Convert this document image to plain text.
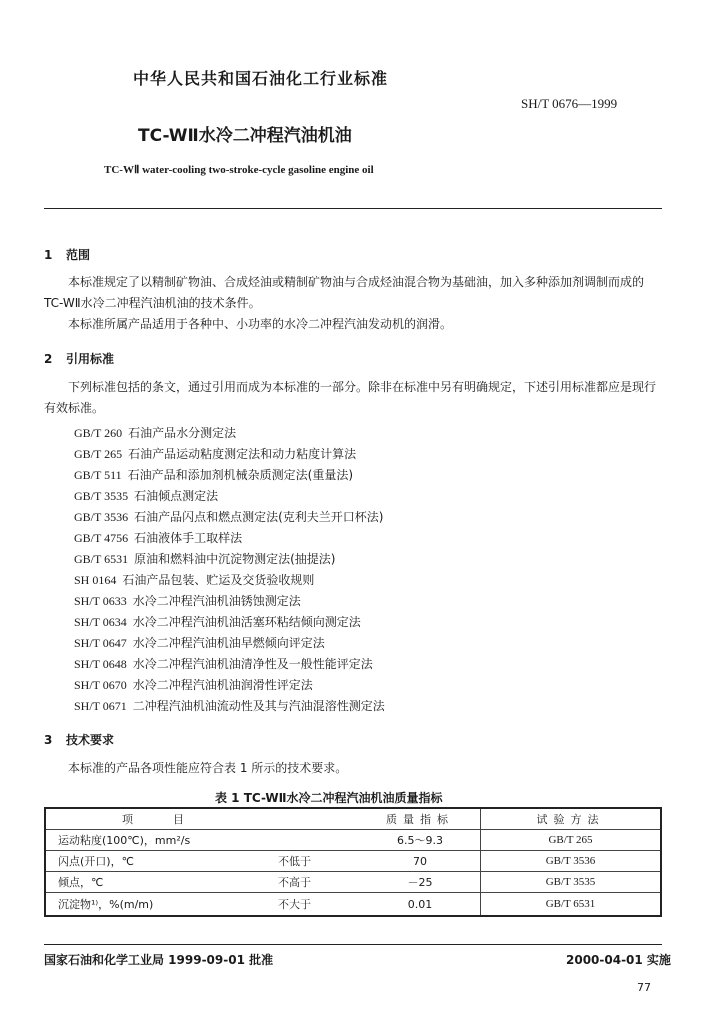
中华人民共和国石油化工行业标准
SH/T 0676—1999
TC-WⅡ水冷二冲程汽油机油
TC-WⅡ water-cooling two-stroke-cycle gasoline engine oil
1 范围

本标准规定了以精制矿物油、合成烃油或精制矿物油与合成烃油混合物为基础油，加入多种添加剂调制而成的 TC-WⅡ水冷二冲程汽油机油的技术条件。

本标准所属产品适用于各种中、小功率的水冷二冲程汽油发动机的润滑。

2 引用标准

下列标准包括的条文，通过引用而成为本标准的一部分。除非在标准中另有明确规定，下述引用标准都应是现行有效标准。

GB/T 260 石油产品水分测定法
GB/T 265 石油产品运动粘度测定法和动力粘度计算法
GB/T 511 石油产品和添加剂机械杂质测定法(重量法)
GB/T 3535 石油倾点测定法
GB/T 3536 石油产品闪点和燃点测定法(克利夫兰开口杯法)
GB/T 4756 石油液体手工取样法
GB/T 6531 原油和燃料油中沉淀物测定法(抽提法)
SH 0164 石油产品包装、贮运及交货验收规则
SH/T 0633 水冷二冲程汽油机油锈蚀测定法
SH/T 0634 水冷二冲程汽油机油活塞环粘结倾向测定法
SH/T 0647 水冷二冲程汽油机油早燃倾向评定法
SH/T 0648 水冷二冲程汽油机油清净性及一般性能评定法
SH/T 0670 水冷二冲程汽油机油润滑性评定法
SH/T 0671 二冲程汽油机油流动性及其与汽油混溶性测定法
3 技术要求

本标准的产品各项性能应符合表 1 所示的技术要求。

表 1 TC-WⅡ水冷二冲程汽油机油质量指标
项　　目		质量指标	试验方法
运动粘度(100℃)，mm²/s		6.5～9.3	GB/T 265
闪点(开口)，℃	不低于	70	GB/T 3536
倾点，℃	不高于	－25	GB/T 3535
沉淀物¹⁾，%(m/m)	不大于	0.01	GB/T 6531
国家石油和化学工业局 1999-09-01 批准	2000-04-01 实施
77
